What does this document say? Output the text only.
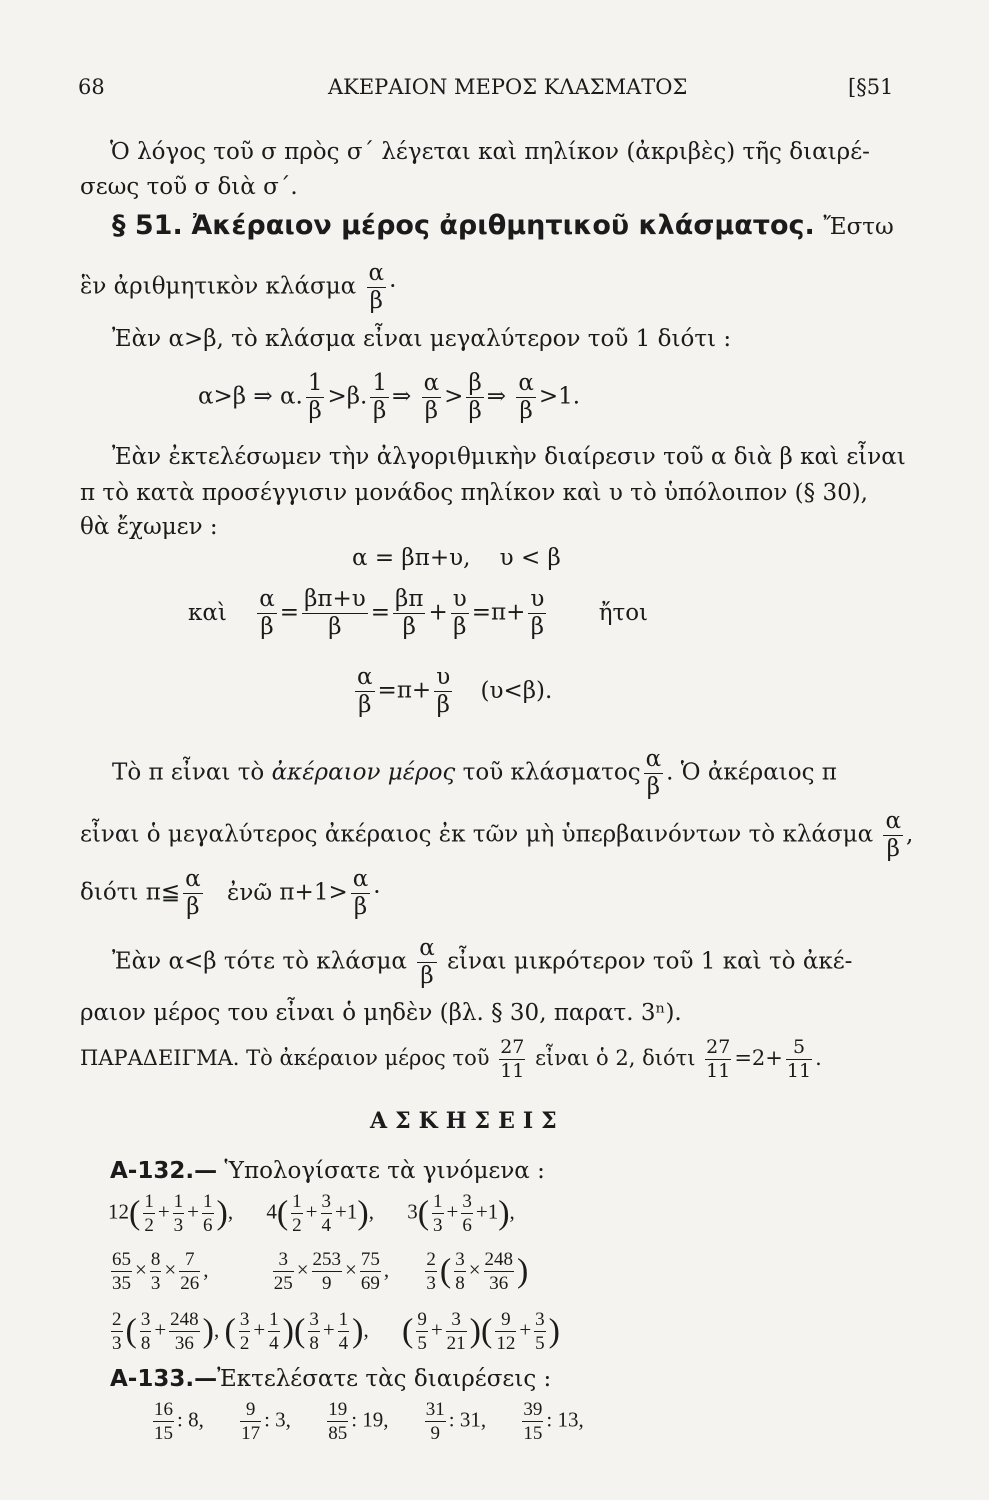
68	ΑΚΕΡΑΙΟΝ ΜΕΡΟΣ ΚΛΑΣΜΑΤΟΣ	[§51
Ὁ λόγος τοῦ σ πρὸς σ΄ λέγεται καὶ πηλίκον (ἀκριβὲς) τῆς διαιρέ-
σεως τοῦ σ διὰ σ΄.
§ 51. Ἀκέραιον μέρος ἀριθμητικοῦ κλάσματος. Ἔστω
ἓν ἀριθμητικὸν κλάσμα $\frac{\alpha}{\beta}$ ·
Ἐὰν α>β, τὸ κλάσμα εἶναι μεγαλύτερον τοῦ 1 διότι :
α>β ⇒ α. $\frac{1}{\beta} >\beta$. $\frac{1}{\beta}$ ⇒ $\frac{\alpha}{\beta} > \frac{\beta}{\beta}$ ⇒ $\frac{\alpha}{\beta} >1$.
Ἐὰν ἐκτελέσωμεν τὴν ἀλγοριθμικὴν διαίρεσιν τοῦ α διὰ β καὶ εἶναι
π τὸ κατὰ προσέγγισιν μονάδος πηλίκον καὶ υ τὸ ὑπόλοιπον (§ 30),
θὰ ἔχωμεν :
α = βπ+υ,    υ < β
καὶ $\frac{\alpha}{\beta} = \frac{\beta\pi+\upsilon}{\beta} = \frac{\beta\pi}{\beta} + \frac{\upsilon}{\beta} =\pi+ \frac{\upsilon}{\beta}$ ἤτοι
$\frac{\alpha}{\beta} =\pi+ \frac{\upsilon}{\beta} (\upsilon<\beta)$.
Τὸ π εἶναι τὸ ἀκέραιον μέρος τοῦ κλάσματος $\frac{\alpha}{\beta}$ . Ὁ ἀκέραιος π
εἶναι ὁ μεγαλύτερος ἀκέραιος ἐκ τῶν μὴ ὑπερβαινόντων τὸ κλάσμα $\frac{\alpha}{\beta}$ ,
διότι π≦ $\frac{\alpha}{\beta}$ ἐνῶ $\pi+1> \frac{\alpha}{\beta}$ ·
Ἐὰν α<β τότε τὸ κλάσμα $\frac{\alpha}{\beta}$ εἶναι μικρότερον τοῦ 1 καὶ τὸ ἀκέ-
ραιον μέρος του εἶναι ὁ μηδὲν (βλ. § 30, παρατ. 3ⁿ).
ΠΑΡΑΔΕΙΓΜΑ. Τὸ ἀκέραιον μέρος τοῦ $\frac{27}{11}$ εἶναι ὁ 2, διότι $\frac{27}{11} =2+ \frac{5}{11}$ .
ΑΣΚΗΣΕΙΣ
Α-132.— Ὑπολογίσατε τὰ γινόμενα :
$12( \frac{1}{2} + \frac{1}{3} + \frac{1}{6}$ ), $4( \frac{1}{2} + \frac{3}{4} +1)$, $3( \frac{1}{3} + \frac{3}{6} +1)$,
$\frac{65}{35} \times \frac{8}{3} \times \frac{7}{26}$ ,	$\frac{3}{25} \times \frac{253}{9} \times \frac{75}{69}$ , $\frac{2}{3}$ ( $\frac{3}{8} \times \frac{248}{36}$ )
$\frac{2}{3}$ ( $\frac{3}{8} + \frac{248}{36}$ ), ( $\frac{3}{2} + \frac{1}{4}$ )( $\frac{3}{8} + \frac{1}{4}$ ), ( $\frac{9}{5} + \frac{3}{21}$ )( $\frac{9}{12} + \frac{3}{5}$ )
Α-133.—Ἐκτελέσατε τὰς διαιρέσεις :
$\frac{16}{15}$ : 8, $\frac{9}{17}$ : 3, $\frac{19}{85}$ : 19, $\frac{31}{9}$ : 31, $\frac{39}{15}$ : 13,
